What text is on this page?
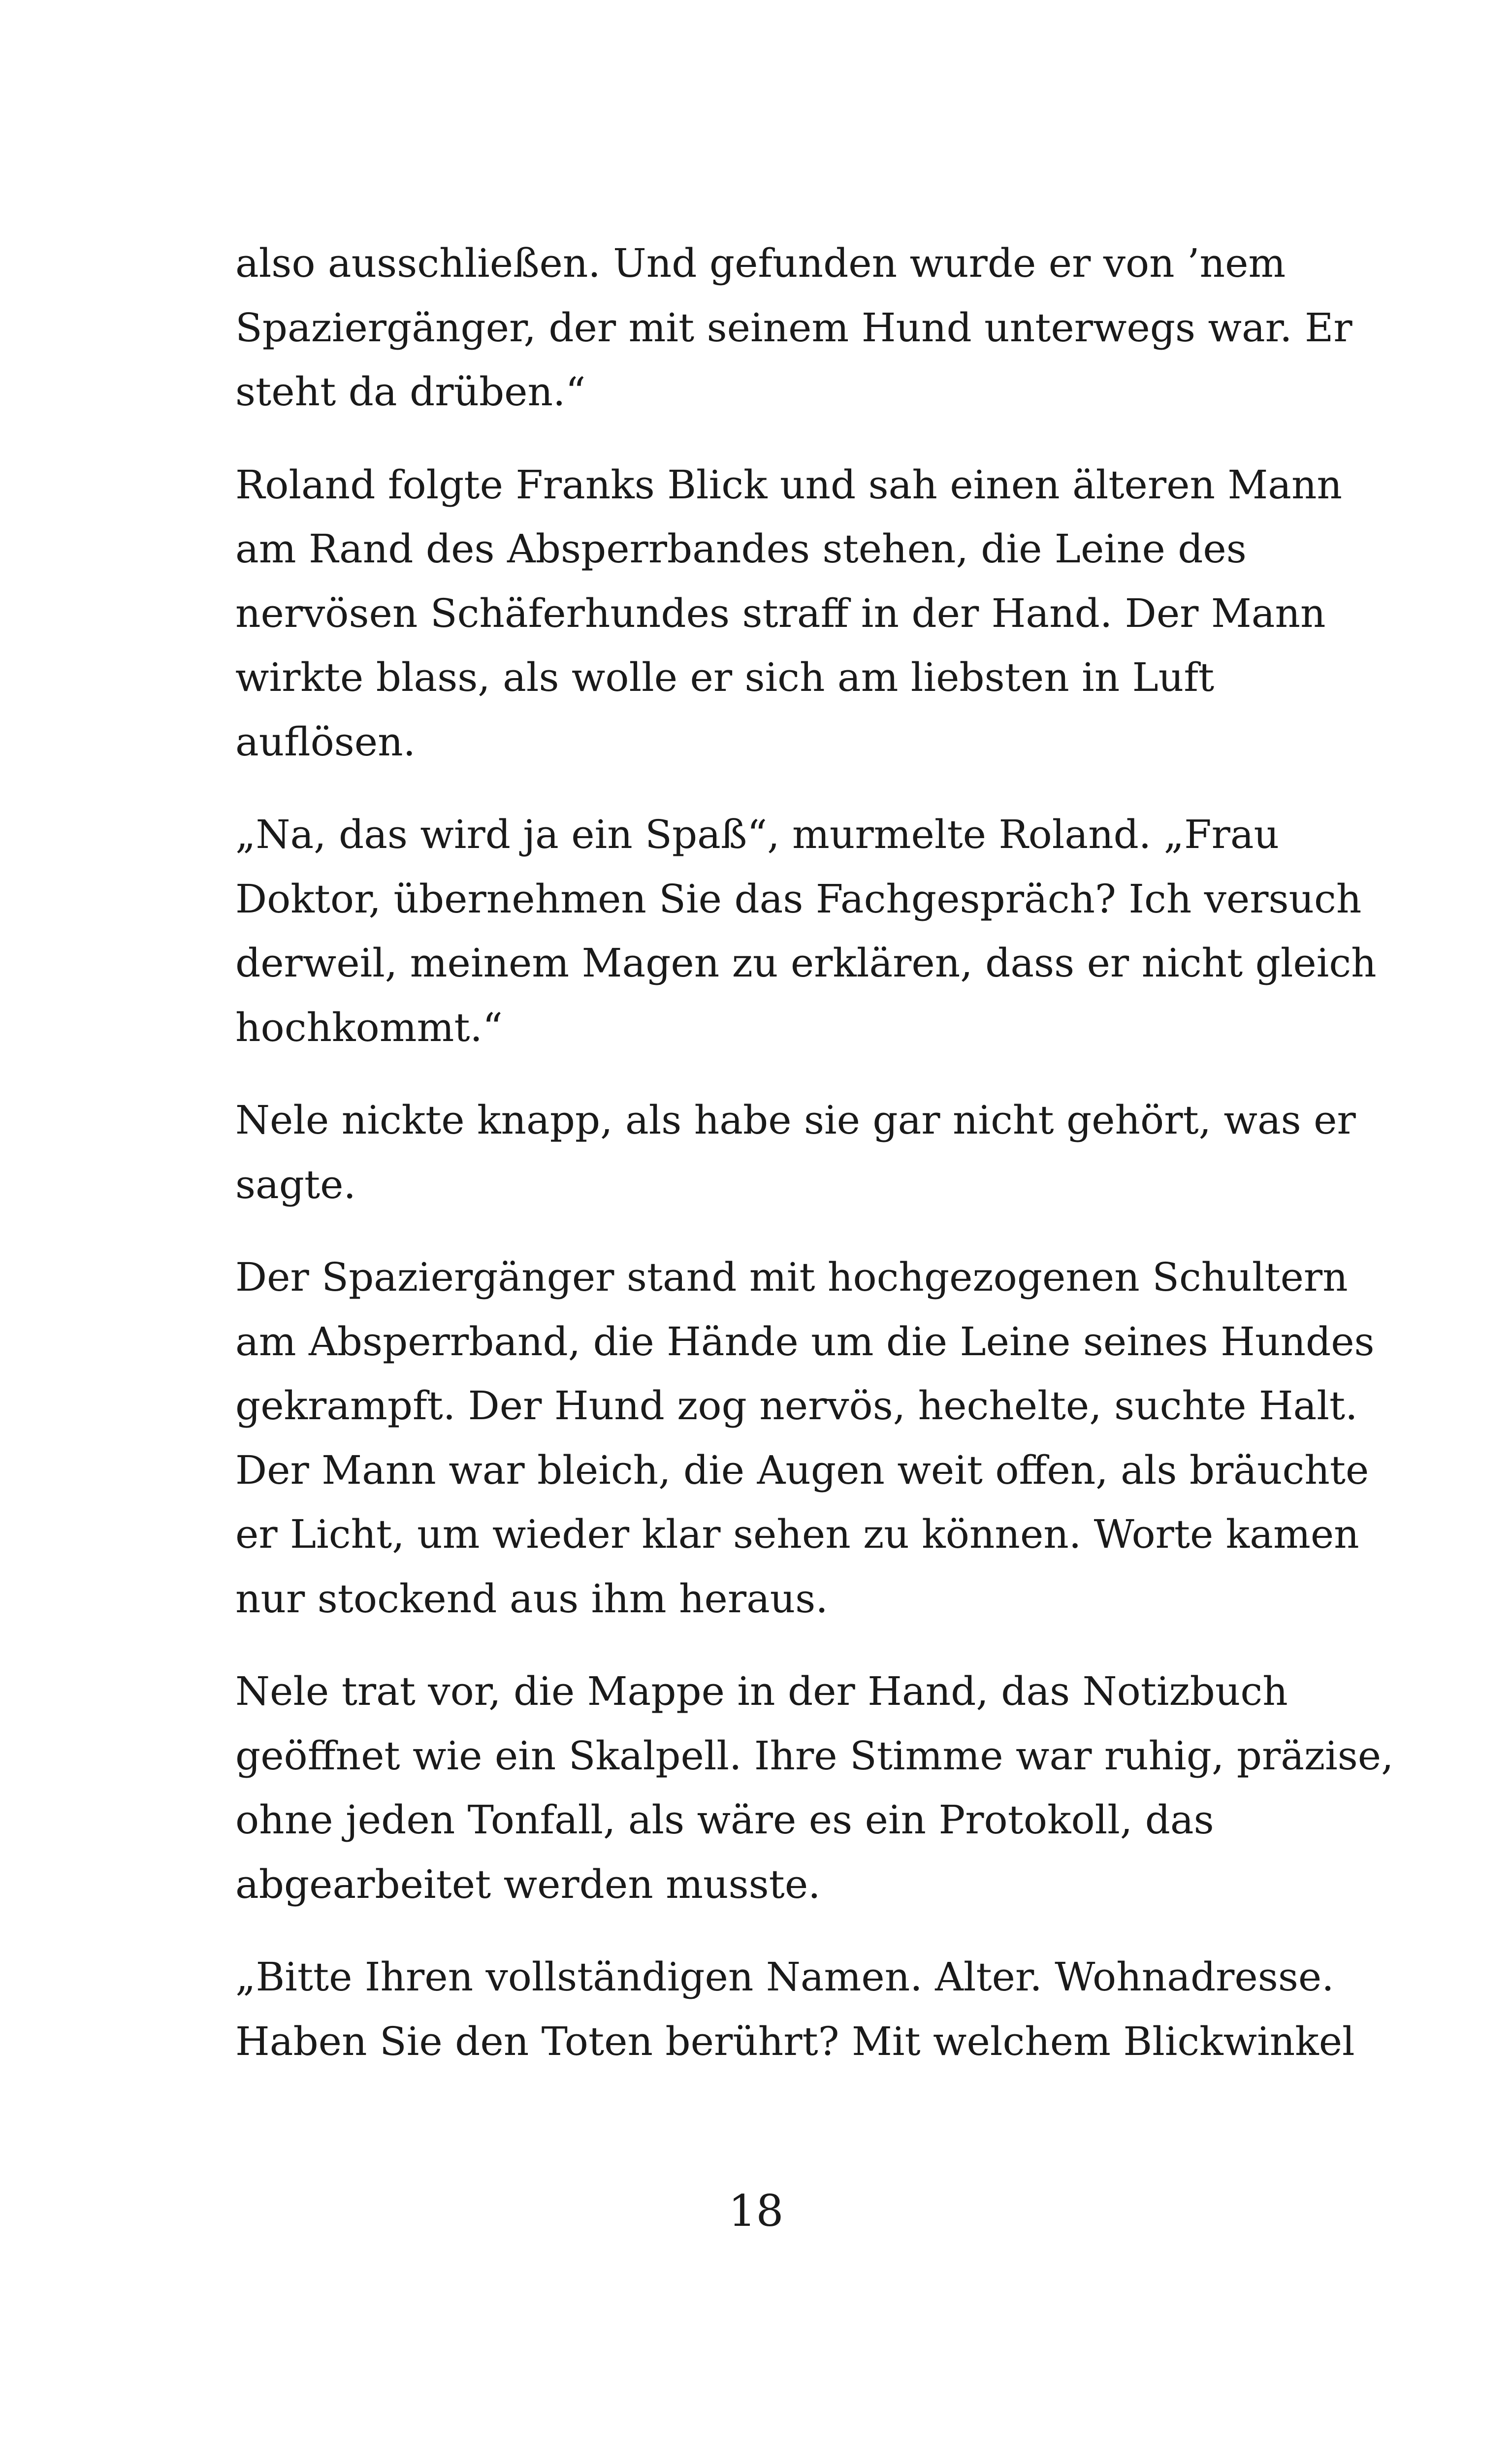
also ausschließen. Und gefunden wurde er von ’nem
Spaziergänger, der mit seinem Hund unterwegs war. Er
steht da drüben.“

Roland folgte Franks Blick und sah einen älteren Mann
am Rand des Absperrbandes stehen, die Leine des
nervösen Schäferhundes straff in der Hand. Der Mann
wirkte blass, als wolle er sich am liebsten in Luft
auflösen.

„Na, das wird ja ein Spaß“, murmelte Roland. „Frau
Doktor, übernehmen Sie das Fachgespräch? Ich versuch
derweil, meinem Magen zu erklären, dass er nicht gleich
hochkommt.“

Nele nickte knapp, als habe sie gar nicht gehört, was er
sagte.

Der Spaziergänger stand mit hochgezogenen Schultern
am Absperrband, die Hände um die Leine seines Hundes
gekrampft. Der Hund zog nervös, hechelte, suchte Halt.
Der Mann war bleich, die Augen weit offen, als bräuchte
er Licht, um wieder klar sehen zu können. Worte kamen
nur stockend aus ihm heraus.

Nele trat vor, die Mappe in der Hand, das Notizbuch
geöffnet wie ein Skalpell. Ihre Stimme war ruhig, präzise,
ohne jeden Tonfall, als wäre es ein Protokoll, das
abgearbeitet werden musste.

„Bitte Ihren vollständigen Namen. Alter. Wohnadresse.
Haben Sie den Toten berührt? Mit welchem Blickwinkel

18
